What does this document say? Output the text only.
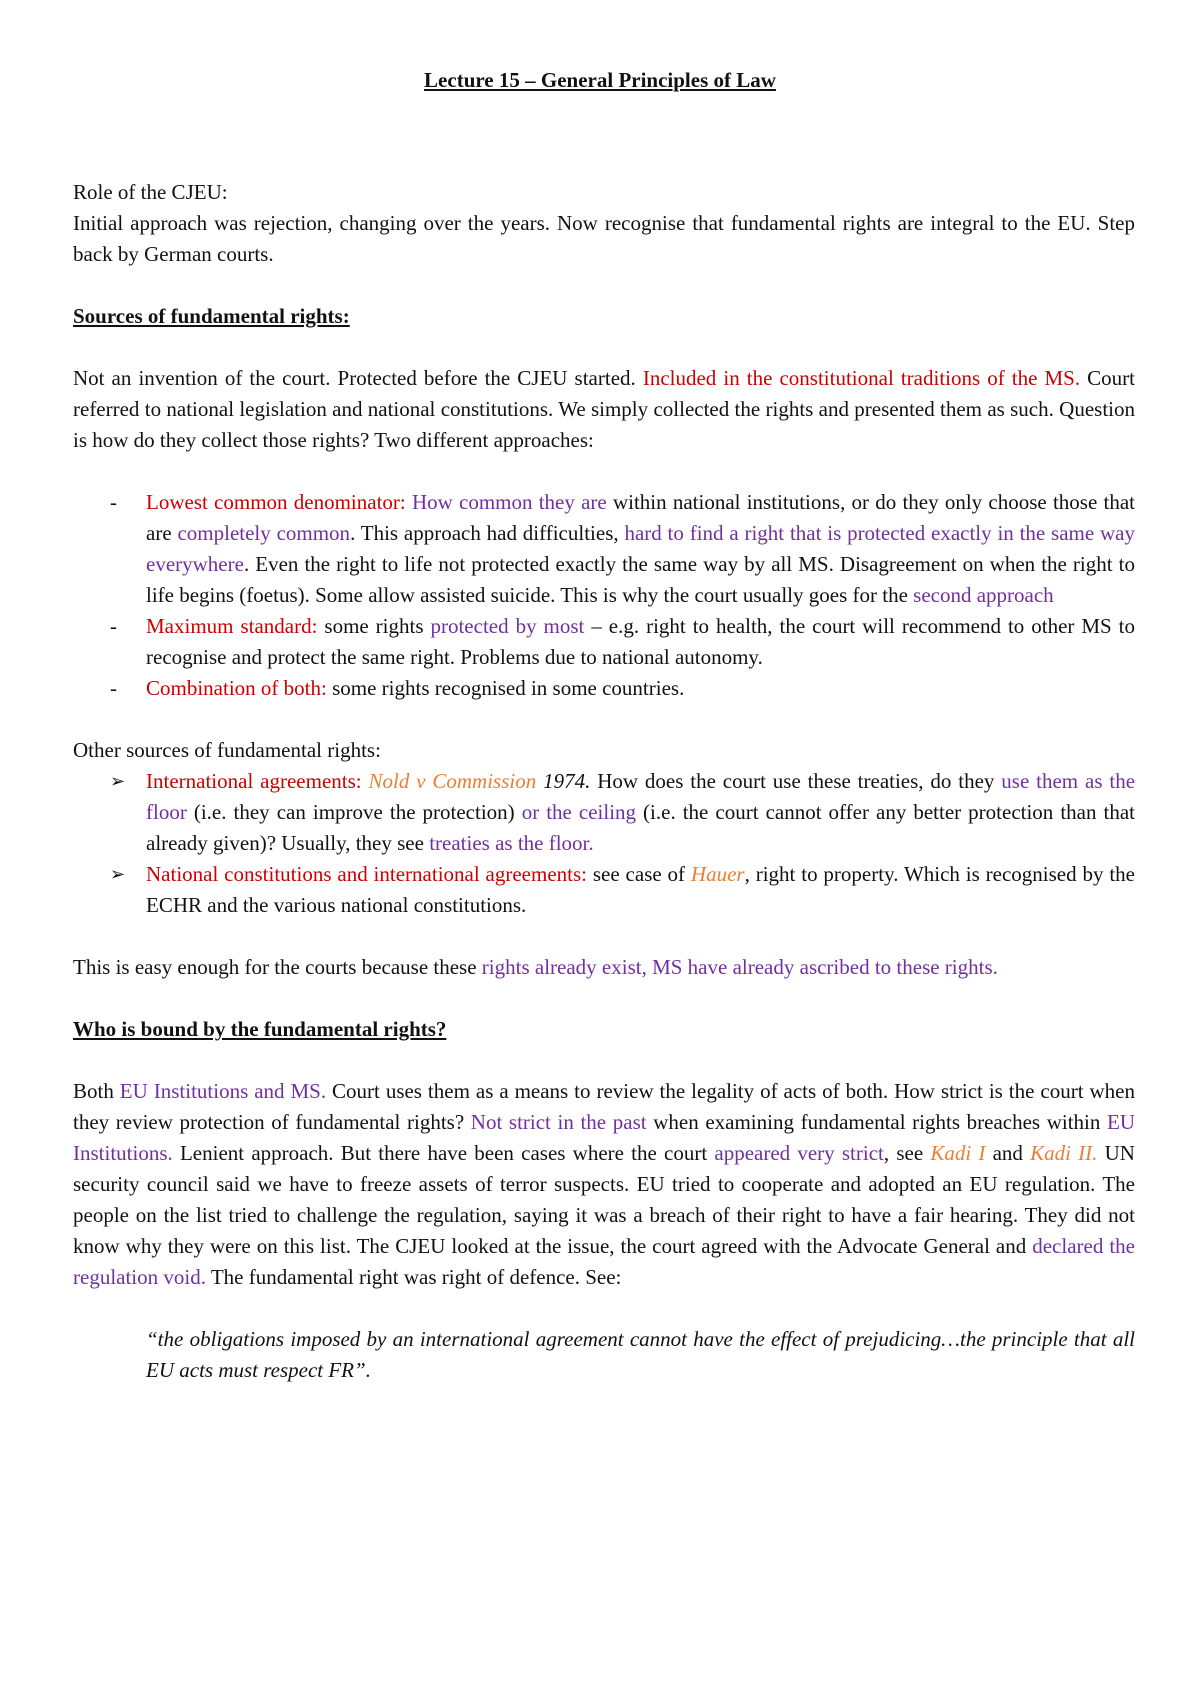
Lecture 15 – General Principles of Law

Role of the CJEU:

Initial approach was rejection, changing over the years. Now recognise that fundamental rights are integral to the EU. Step back by German courts.

Sources of fundamental rights:

Not an invention of the court. Protected before the CJEU started. Included in the constitutional traditions of the MS. Court referred to national legislation and national constitutions. We simply collected the rights and presented them as such. Question is how do they collect those rights? Two different approaches:

- Lowest common denominator: How common they are within national institutions, or do they only choose those that are completely common. This approach had difficulties, hard to find a right that is protected exactly in the same way everywhere. Even the right to life not protected exactly the same way by all MS. Disagreement on when the right to life begins (foetus). Some allow assisted suicide. This is why the court usually goes for the second approach
- Maximum standard: some rights protected by most – e.g. right to health, the court will recommend to other MS to recognise and protect the same right. Problems due to national autonomy.
- Combination of both: some rights recognised in some countries.

Other sources of fundamental rights:

➢ International agreements: Nold v Commission 1974. How does the court use these treaties, do they use them as the floor (i.e. they can improve the protection) or the ceiling (i.e. the court cannot offer any better protection than that already given)? Usually, they see treaties as the floor.
➢ National constitutions and international agreements: see case of Hauer, right to property. Which is recognised by the ECHR and the various national constitutions.

This is easy enough for the courts because these rights already exist, MS have already ascribed to these rights.

Who is bound by the fundamental rights?

Both EU Institutions and MS. Court uses them as a means to review the legality of acts of both. How strict is the court when they review protection of fundamental rights? Not strict in the past when examining fundamental rights breaches within EU Institutions. Lenient approach. But there have been cases where the court appeared very strict, see Kadi I and Kadi II. UN security council said we have to freeze assets of terror suspects. EU tried to cooperate and adopted an EU regulation. The people on the list tried to challenge the regulation, saying it was a breach of their right to have a fair hearing. They did not know why they were on this list. The CJEU looked at the issue, the court agreed with the Advocate General and declared the regulation void. The fundamental right was right of defence. See:

“the obligations imposed by an international agreement cannot have the effect of prejudicing…the principle that all EU acts must respect FR”.
